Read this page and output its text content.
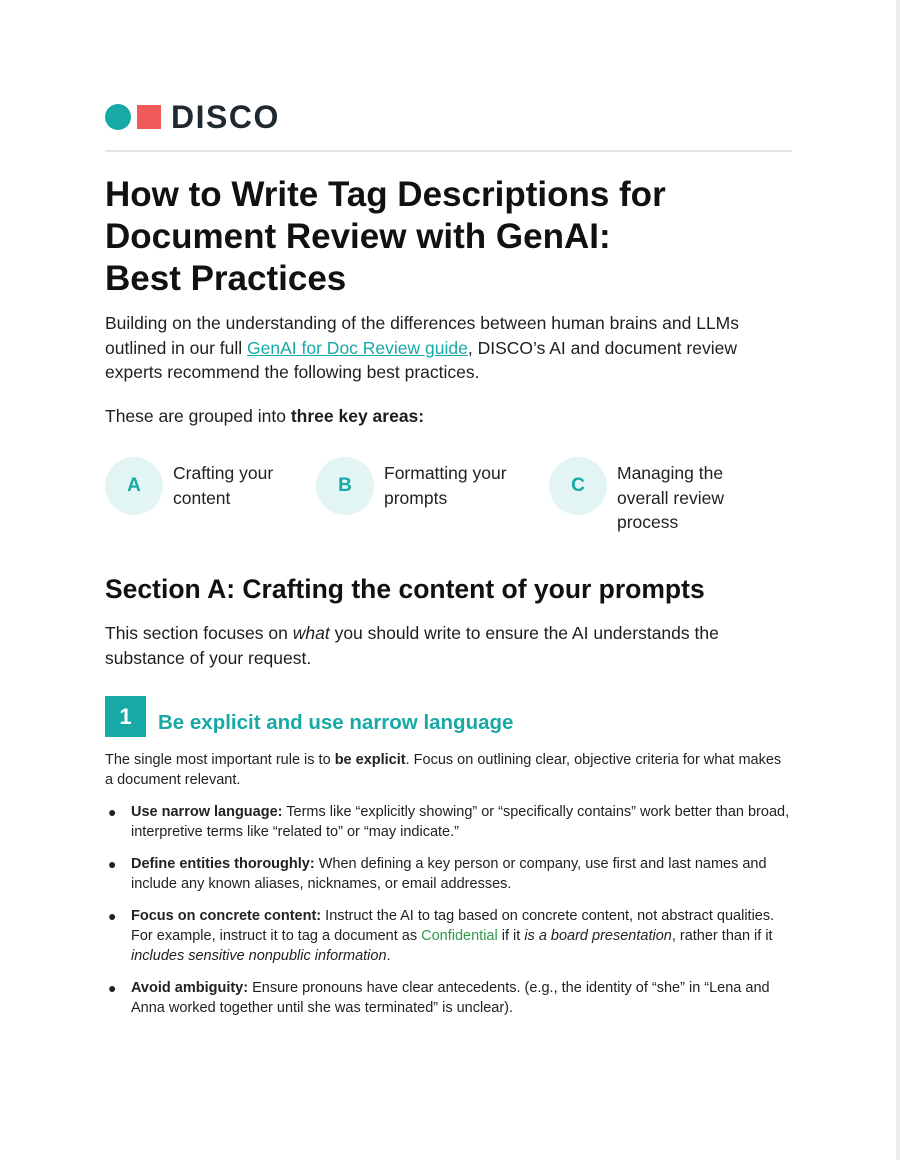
DISCO
How to Write Tag Descriptions for
Document Review with GenAI:
Best Practices

Building on the understanding of the differences between human brains and LLMs outlined in our full GenAI for Doc Review guide, DISCO’s AI and document review experts recommend the following best practices.

These are grouped into three key areas:

A
Crafting your content
B
Formatting your prompts
C
Managing the overall review process
Section A: Crafting the content of your prompts

This section focuses on what you should write to ensure the AI understands the substance of your request.

1	Be explicit and use narrow language

The single most important rule is to be explicit. Focus on outlining clear, objective criteria for what makes a document relevant.

● Use narrow language: Terms like “explicitly showing” or “specifically contains” work better than broad, interpretive terms like “related to” or “may indicate.”
● Define entities thoroughly: When defining a key person or company, use first and last names and include any known aliases, nicknames, or email addresses.
● Focus on concrete content: Instruct the AI to tag based on concrete content, not abstract qualities. For example, instruct it to tag a document as Confidential if it is a board presentation, rather than if it includes sensitive nonpublic information.
● Avoid ambiguity: Ensure pronouns have clear antecedents. (e.g., the identity of “she” in “Lena and Anna worked together until she was terminated” is unclear).
